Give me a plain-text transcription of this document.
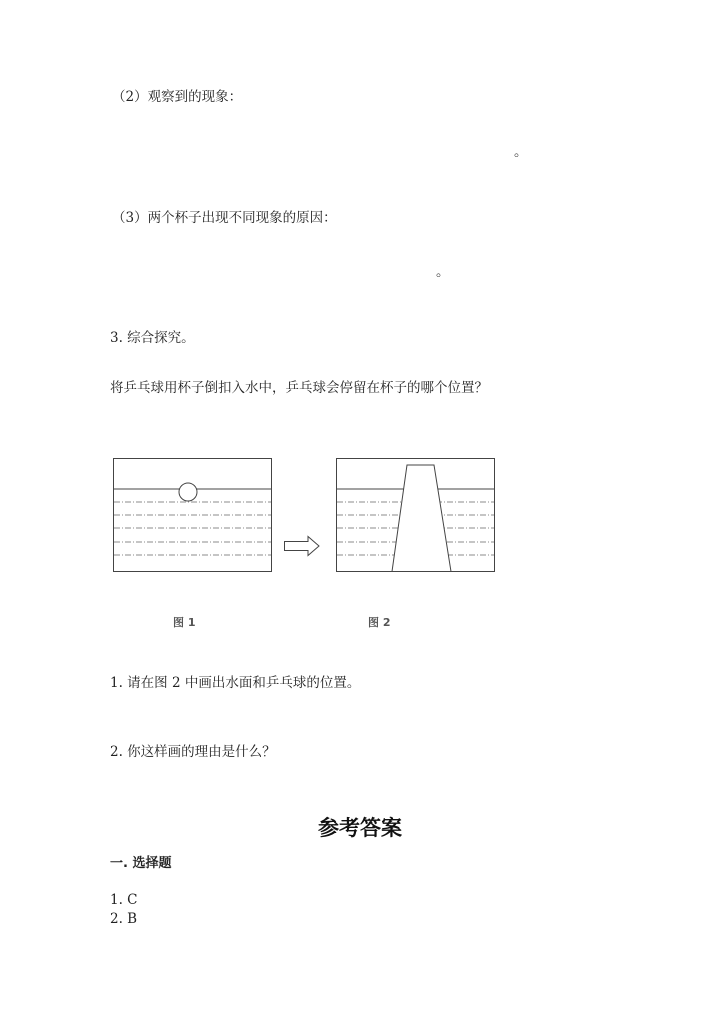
（2）观察到的现象：
。
（3）两个杯子出现不同现象的原因：
。
3. 综合探究。
将乒乓球用杯子倒扣入水中，乒乓球会停留在杯子的哪个位置？
图 1	图 2
1. 请在图 2 中画出水面和乒乓球的位置。
2. 你这样画的理由是什么？
参考答案
一. 选择题
1. C
2. B
